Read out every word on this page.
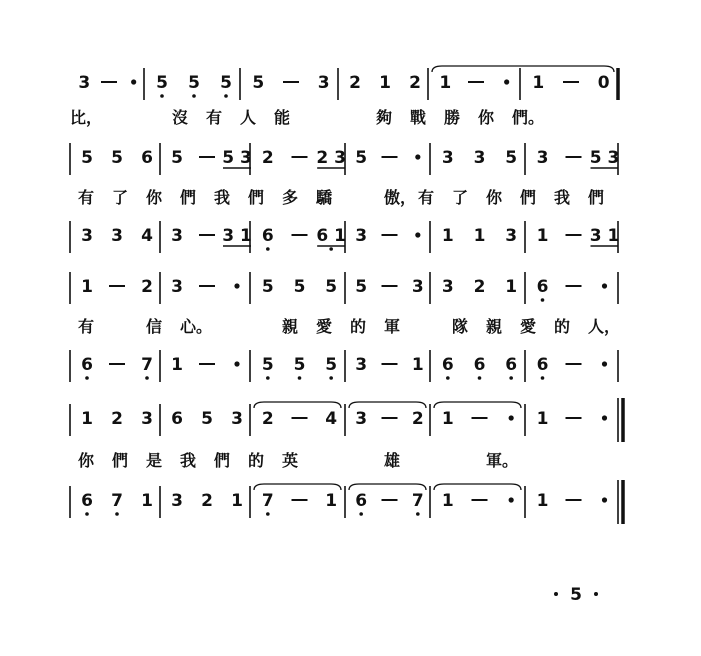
3	5 5 5 5	3 2 1 2 1	1	0
比，	沒 有 人 能	夠 戰 勝 你 們。
5 5 6 5 5 3 2	2 3 5	3 3 5 3 5 3
有 了 你 們 我 們 多 驕	傲， 有 了 你 們 我 們
3 3 4 3 3 1 6	6 1 3	1 1 3 1 3 1
1	2 3	5 5 5 5	3 3 2 1 6
有	信 心。	親 愛 的 軍	隊 親 愛 的 人，
6	7 1	5 5 5 3	1 6 6 6 6
1 2 3 6 5 3 2	4 3	2 1	1
你 們 是 我 們 的 英	雄	軍。
6 7 1 3 2 1 7	1 6	7 1	1
5
